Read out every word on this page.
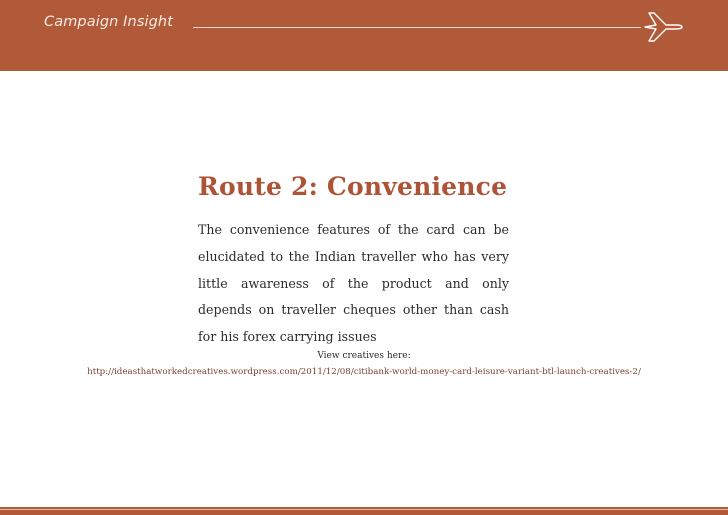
Campaign Insight
Route 2: Convenience

The convenience features of the card can be elucidated to the Indian traveller who has very little awareness of the product and only depends on traveller cheques other than cash for his forex carrying issues

View creatives here:
http://ideasthatworkedcreatives.wordpress.com/2011/12/08/citibank-world-money-card-leisure-variant-btl-launch-creatives-2/
